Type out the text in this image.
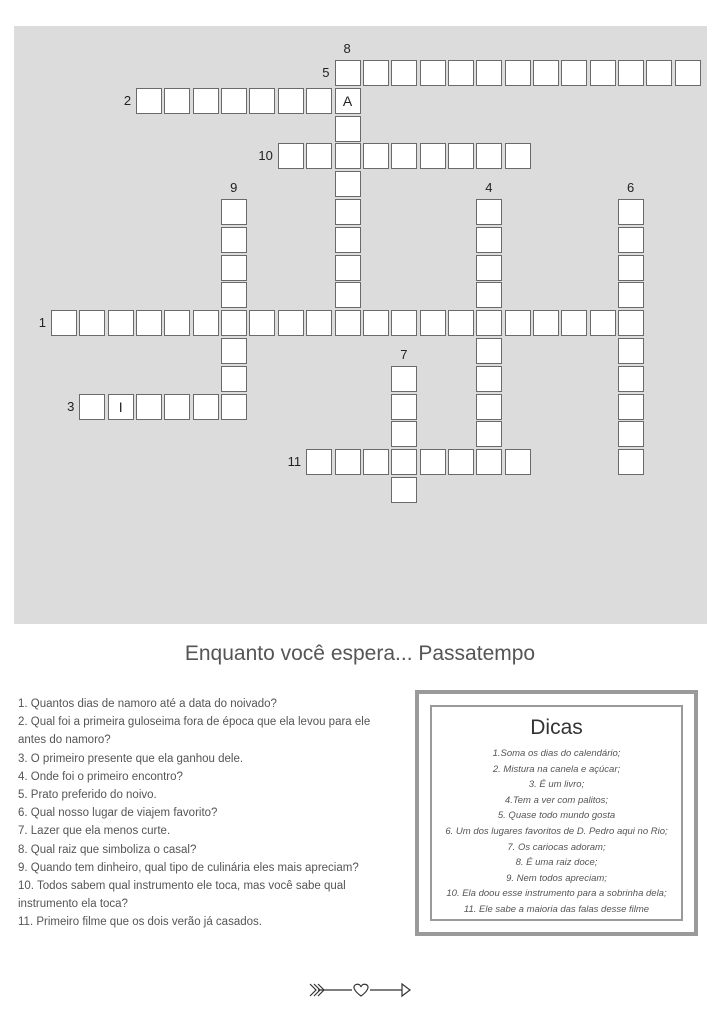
A
I
1
2
3
4
5
6
7
8
9
10
11
Enquanto você espera... Passatempo
1. Quantos dias de namoro até a data do noivado?
2. Qual foi a primeira guloseima fora de época que ela levou para ele antes do namoro?
3. O primeiro presente que ela ganhou dele.
4. Onde foi o primeiro encontro?
5. Prato preferido do noivo.
6. Qual nosso lugar de viajem favorito?
7. Lazer que ela menos curte.
8. Qual raiz que simboliza o casal?
9. Quando tem dinheiro, qual tipo de culinária eles mais apreciam?
10. Todos sabem qual instrumento ele toca, mas você sabe qual instrumento ela toca?
11. Primeiro filme que os dois verão já casados.
Dicas
1.Soma os dias do calendário;
2. Mistura na canela e açúcar;
3. É um livro;
4.Tem a ver com palitos;
5. Quase todo mundo gosta
6. Um dos lugares favoritos de D. Pedro aqui no Rio;
7. Os cariocas adoram;
8. É uma raiz doce;
9. Nem todos apreciam;
10. Ela doou esse instrumento para a sobrinha dela;
11. Ele sabe a maioria das falas desse filme
